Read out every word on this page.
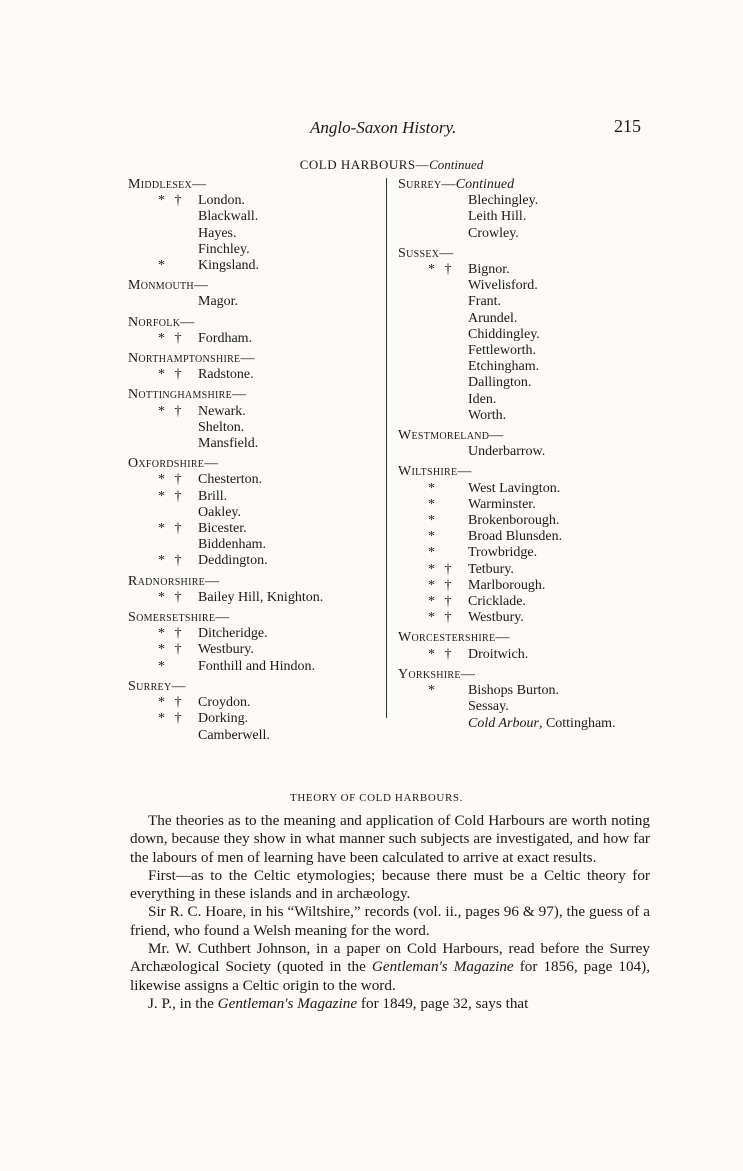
Anglo-Saxon History.	215
COLD HARBOURS—Continued
Middlesex—
* † London.
Blackwall.
Hayes.
Finchley.
*	Kingsland.
Monmouth—
Magor.
Norfolk—
* † Fordham.
Northamptonshire—
* † Radstone.
Nottinghamshire—
* † Newark.
Shelton.
Mansfield.
Oxfordshire—
* † Chesterton.
* † Brill.
Oakley.
* † Bicester.
Biddenham.
* † Deddington.
Radnorshire—
* † Bailey Hill, Knighton.
Somersetshire—
* † Ditcheridge.
* † Westbury.
*	Fonthill and Hindon.
Surrey—
* † Croydon.
* † Dorking.
Camberwell.
Surrey—Continued
Blechingley.
Leith Hill.
Crowley.
Sussex—
* † Bignor.
Wivelisford.
Frant.
Arundel.
Chiddingley.
Fettleworth.
Etchingham.
Dallington.
Iden.
Worth.
Westmoreland—
Underbarrow.
Wiltshire—
*	West Lavington.
*	Warminster.
*	Brokenborough.
*	Broad Blunsden.
*	Trowbridge.
* † Tetbury.
* † Marlborough.
* † Cricklade.
* † Westbury.
Worcestershire—
* † Droitwich.
Yorkshire—
*	Bishops Burton.
Sessay.
Cold Arbour, Cottingham.
THEORY OF COLD HARBOURS.

The theories as to the meaning and application of Cold Harbours are worth noting down, because they show in what manner such subjects are investigated, and how far the labours of men of learning have been calculated to arrive at exact results.

First—as to the Celtic etymologies; because there must be a Celtic theory for everything in these islands and in archæology.

Sir R. C. Hoare, in his “Wiltshire,” records (vol. ii., pages 96 & 97), the guess of a friend, who found a Welsh meaning for the word.

Mr. W. Cuthbert Johnson, in a paper on Cold Harbours, read before the Surrey Archæological Society (quoted in the Gentleman's Magazine for 1856, page 104), likewise assigns a Celtic origin to the word.

J. P., in the Gentleman's Magazine for 1849, page 32, says that
